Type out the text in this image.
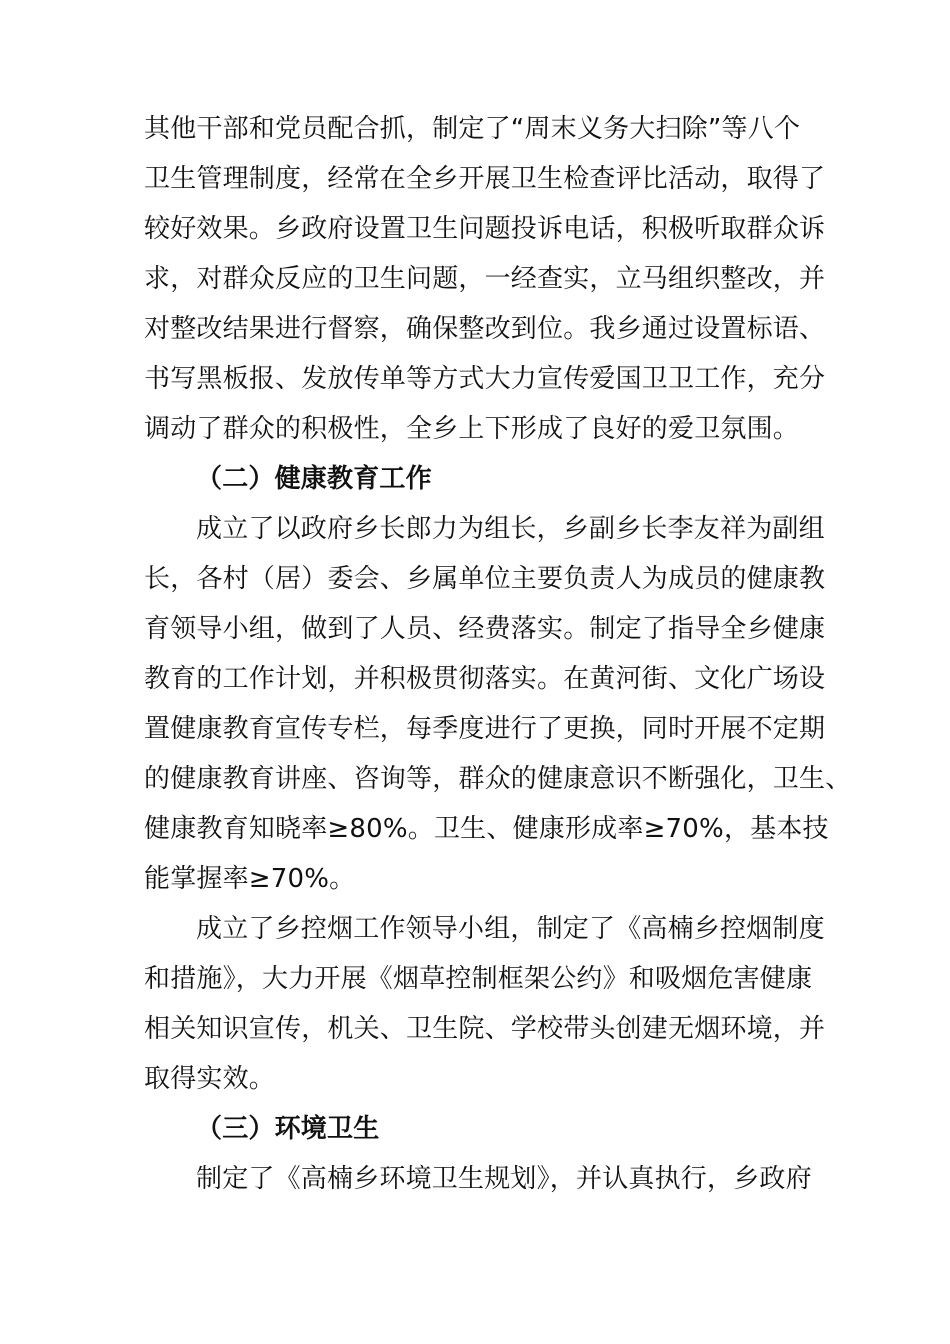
其他干部和党员配合抓，制定了“周末义务大扫除”等八个
卫生管理制度，经常在全乡开展卫生检查评比活动，取得了
较好效果。乡政府设置卫生问题投诉电话，积极听取群众诉
求，对群众反应的卫生问题，一经查实，立马组织整改，并
对整改结果进行督察，确保整改到位。我乡通过设置标语、
书写黑板报、发放传单等方式大力宣传爱国卫卫工作，充分
调动了群众的积极性，全乡上下形成了良好的爱卫氛围。
（二）健康教育工作
成立了以政府乡长郎力为组长，乡副乡长李友祥为副组
长，各村（居）委会、乡属单位主要负责人为成员的健康教
育领导小组，做到了人员、经费落实。制定了指导全乡健康
教育的工作计划，并积极贯彻落实。在黄河街、文化广场设
置健康教育宣传专栏，每季度进行了更换，同时开展不定期
的健康教育讲座、咨询等，群众的健康意识不断强化，卫生、
健康教育知晓率≥80%。卫生、健康形成率≥70%，基本技
能掌握率≥70%。
成立了乡控烟工作领导小组，制定了《高楠乡控烟制度
和措施》，大力开展《烟草控制框架公约》和吸烟危害健康
相关知识宣传，机关、卫生院、学校带头创建无烟环境，并
取得实效。
（三）环境卫生
制定了《高楠乡环境卫生规划》，并认真执行，乡政府
